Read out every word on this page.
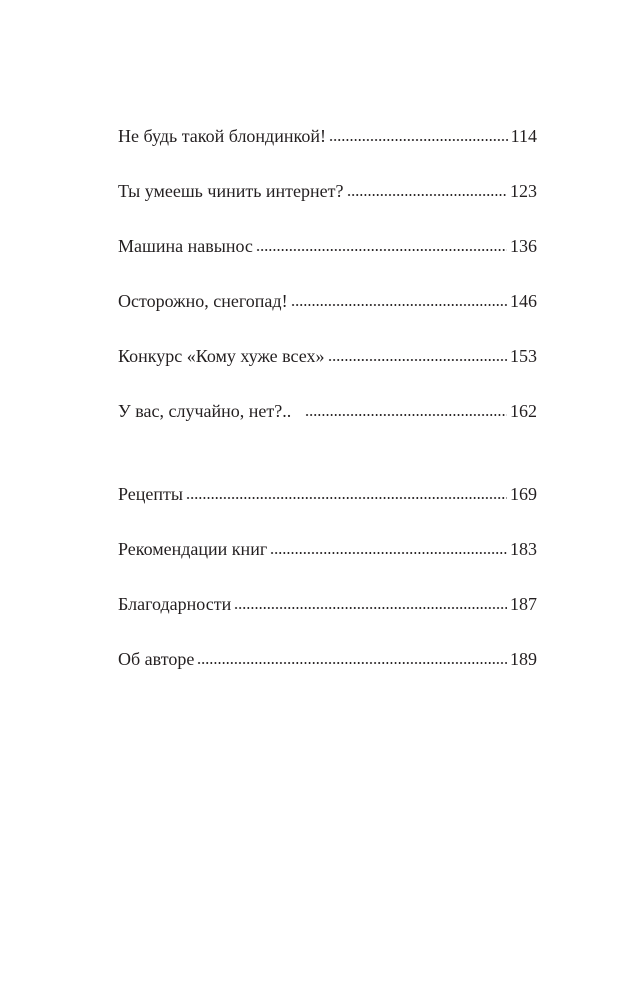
Не будь такой блондинкой!	114
Ты умеешь чинить интернет?	123
Машина навынос	136
Осторожно, снегопад!	146
Конкурс «Кому хуже всех»	153
У вас, случайно, нет?..	162
Рецепты	169
Рекомендации книг	183
Благодарности	187
Об авторе	189
